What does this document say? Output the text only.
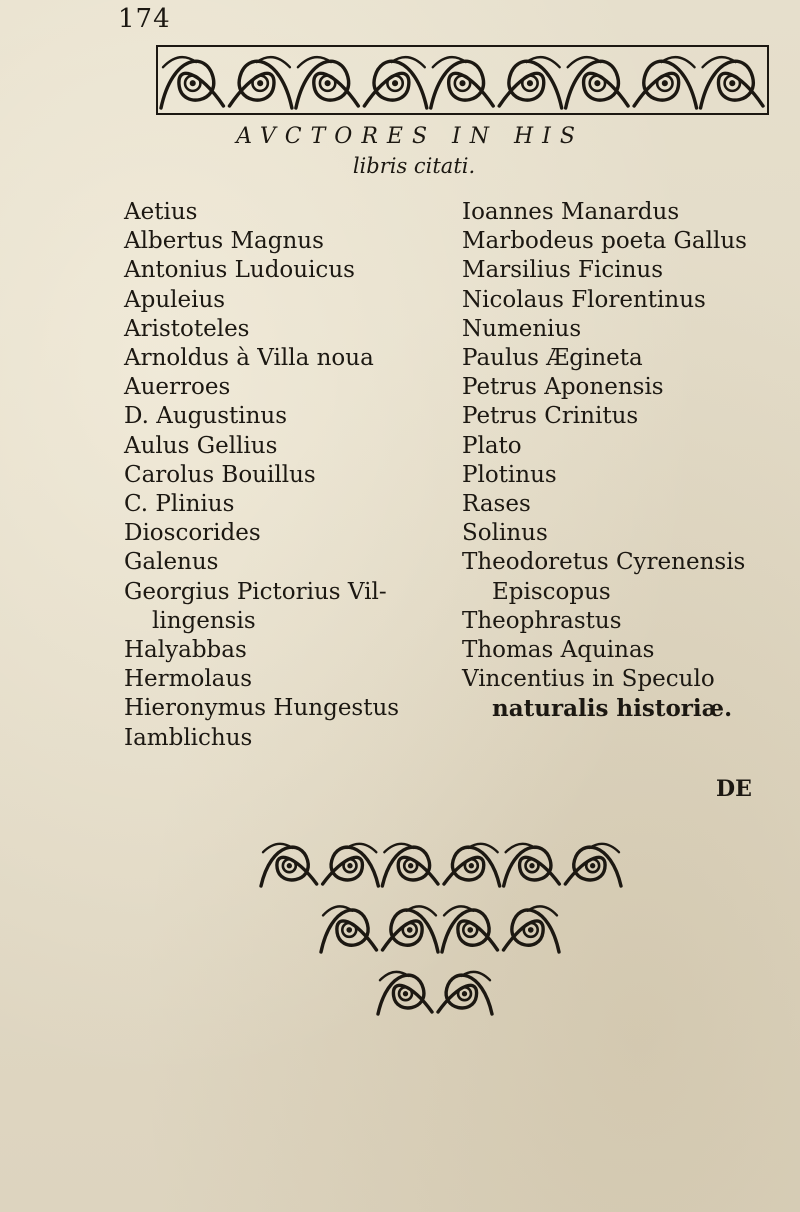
174
AVCTORES IN HIS
libris citati.
Aetius
Albertus Magnus
Antonius Ludouicus
Apuleius
Aristoteles
Arnoldus à Villa noua
Auerroes
D. Augustinus
Aulus Gellius
Carolus Bouillus
C. Plinius
Dioscorides
Galenus
Georgius Pictorius Vil-
lingensis
Halyabbas
Hermolaus
Hieronymus Hungestus
Iamblichus
Ioannes Manardus
Marbodeus poeta Gallus
Marsilius Ficinus
Nicolaus Florentinus
Numenius
Paulus Ægineta
Petrus Aponensis
Petrus Crinitus
Plato
Plotinus
Rases
Solinus
Theodoretus Cyrenensis
Episcopus
Theophrastus
Thomas Aquinas
Vincentius in Speculo
naturalis historiæ.
DE
